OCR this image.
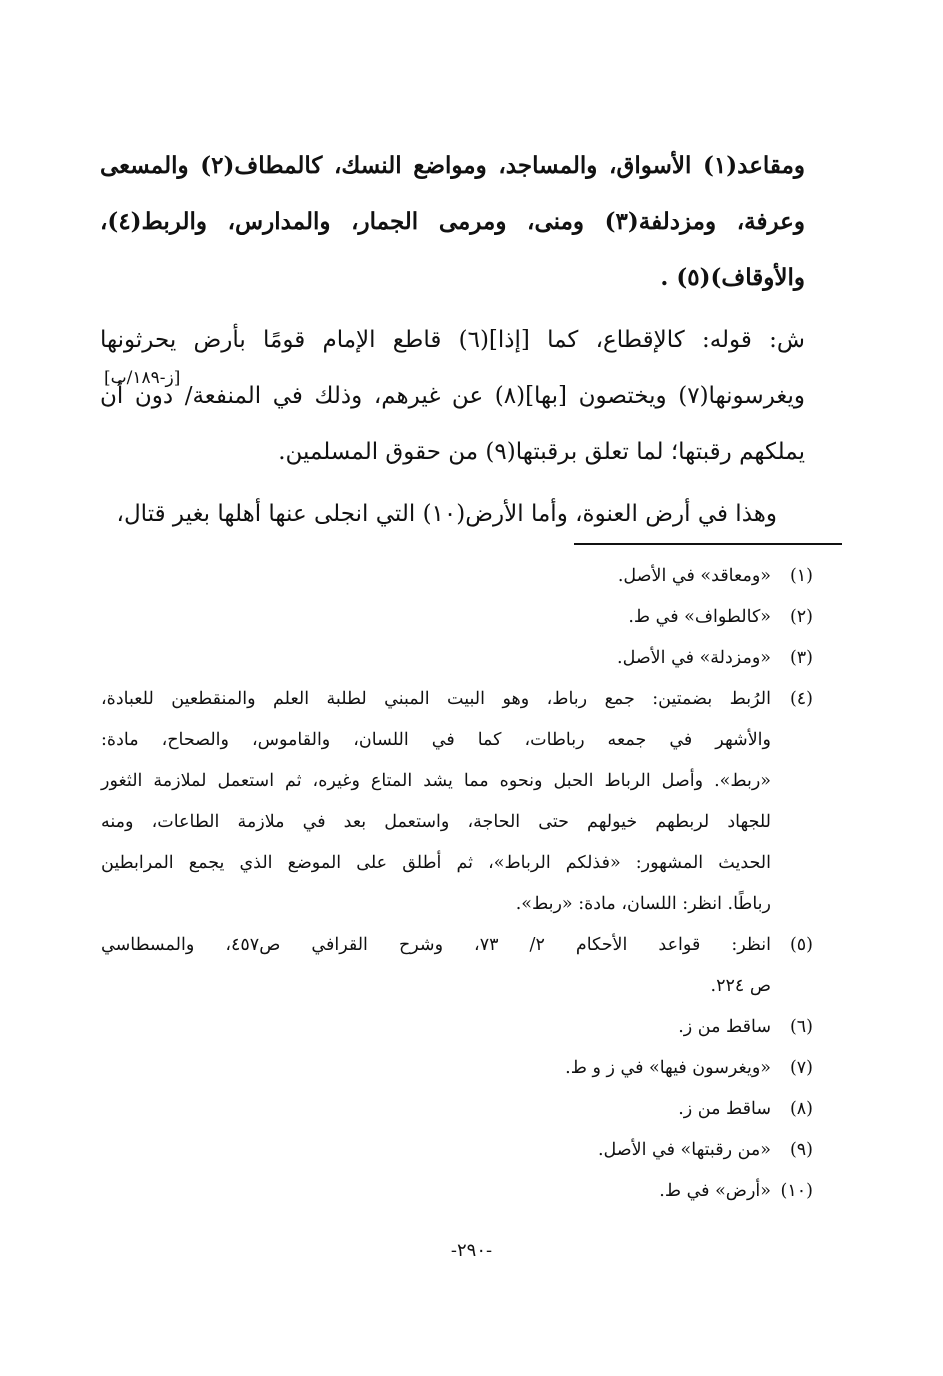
ومقاعد(١) الأسواق، والمساجد، ومواضع النسك، كالمطاف(٢) والمسعى
وعرفة، ومزدلفة(٣) ومنى، ومرمى الجمار، والمدارس، والربط(٤)،
والأوقاف)(٥) .
ش: قوله: كالإقطاع، كما [إذا](٦) قاطع الإمام قومًا بأرض يحرثونها
ويغرسونها(٧) ويختصون [بها](٨) عن غيرهم، وذلك في المنفعة/ دون أن
يملكهم رقبتها؛ لما تعلق برقبتها(٩) من حقوق المسلمين.
وهذا في أرض العنوة، وأما الأرض(١٠) التي انجلى عنها أهلها بغير قتال،
[ز-١٨٩/ب]
(١)
«ومعاقد» في الأصل.
(٢)
«كالطواف» في ط.
(٣)
«ومزدلة» في الأصل.
(٤)
الرُبط بضمتين: جمع رباط، وهو البيت المبني لطلبة العلم والمنقطعين للعبادة،
والأشهر في جمعه رباطات، كما في اللسان، والقاموس، والصحاح، مادة:
«ربط». وأصل الرباط الحبل ونحوه مما يشد المتاع وغيره، ثم استعمل لملازمة الثغور
للجهاد لربطهم خيولهم حتى الحاجة، واستعمل بعد في ملازمة الطاعات، ومنه
الحديث المشهور: «فذلكم الرباط»، ثم أطلق على الموضع الذي يجمع المرابطين
رباطًا. انظر: اللسان، مادة: «ربط».
(٥)
انظر: قواعد الأحكام ٢/ ٧٣، وشرح القرافي ص٤٥٧، والمسطاسي
ص ٢٢٤.
(٦)
ساقط من ز.
(٧)
«ويغرسون فيها» في ز و ط.
(٨)
ساقط من ز.
(٩)
«من رقبتها» في الأصل.
(١٠)
«أرض» في ط.
-٢٩٠-
